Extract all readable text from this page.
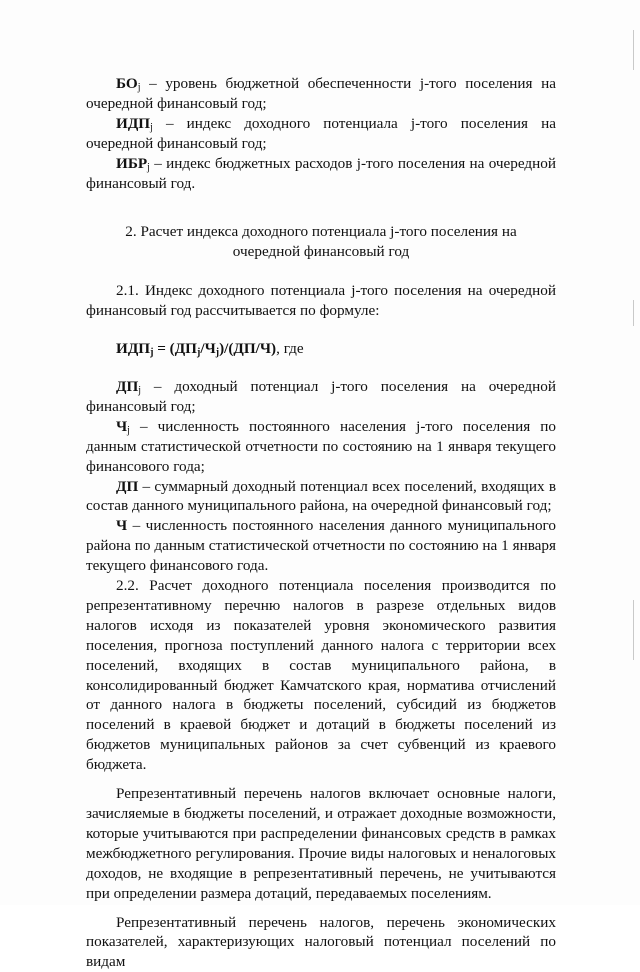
$БО_j$ – уровень бюджетной обеспеченности j-того поселения на очередной финансовый год;

$ИДП_j$ – индекс доходного потенциала j-того поселения на очередной финансовый год;

$ИБР_j$ – индекс бюджетных расходов j-того поселения на очередной финансовый год.

2. Расчет индекса доходного потенциала j-того поселения на очередной финансовый год

2.1. Индекс доходного потенциала j-того поселения на очередной финансовый год рассчитывается по формуле:

$ИДП_j = (ДП_j/Ч_j)/(ДП/Ч)$, где

$ДП_j$ – доходный потенциал j-того поселения на очередной финансовый год;

$Ч_j$ – численность постоянного населения j-того поселения по данным статистической отчетности по состоянию на 1 января текущего финансового года;

ДП – суммарный доходный потенциал всех поселений, входящих в состав данного муниципального района, на очередной финансовый год;

Ч – численность постоянного населения данного муниципального района по данным статистической отчетности по состоянию на 1 января текущего финансового года.

2.2. Расчет доходного потенциала поселения производится по репрезентативному перечню налогов в разрезе отдельных видов налогов исходя из показателей уровня экономического развития поселения, прогноза поступлений данного налога с территории всех поселений, входящих в состав муниципального района, в консолидированный бюджет Камчатского края, норматива отчислений от данного налога в бюджеты поселений, субсидий из бюджетов поселений в краевой бюджет и дотаций в бюджеты поселений из бюджетов муниципальных районов за счет субвенций из краевого бюджета.

Репрезентативный перечень налогов включает основные налоги, зачисляемые в бюджеты поселений, и отражает доходные возможности, которые учитываются при распределении финансовых средств в рамках межбюджетного регулирования. Прочие виды налоговых и неналоговых доходов, не входящие в репрезентативный перечень, не учитываются при определении размера дотаций, передаваемых поселениям.

Репрезентативный перечень налогов, перечень экономических показателей, характеризующих налоговый потенциал поселений по видам
